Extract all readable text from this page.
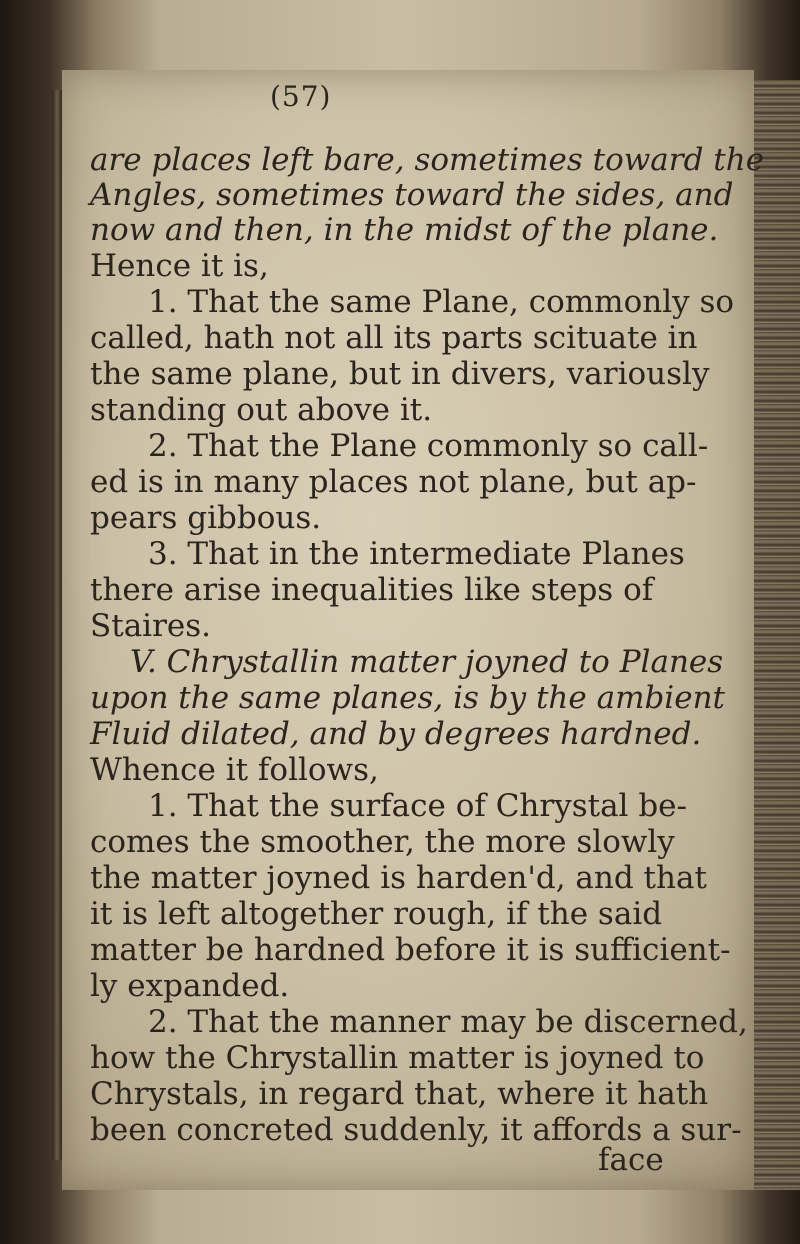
(57)
are places left bare, sometimes toward the
Angles, sometimes toward the sides, and
now and then, in the midst of the plane.
Hence it is,
1. That the same Plane, commonly so
called, hath not all its parts scituate in
the same plane, but in divers, variously
standing out above it.
2. That the Plane commonly so call-
ed is in many places not plane, but ap-
pears gibbous.
3. That in the intermediate Planes
there arise inequalities like steps of
Staires.
V. Chrystallin matter joyned to Planes
upon the same planes, is by the ambient
Fluid dilated, and by degrees hardned.
Whence it follows,
1. That the surface of Chrystal be-
comes the smoother, the more slowly
the matter joyned is harden'd, and that
it is left altogether rough, if the said
matter be hardned before it is sufficient-
ly expanded.
2. That the manner may be discerned,
how the Chrystallin matter is joyned to
Chrystals, in regard that, where it hath
been concreted suddenly, it affords a sur-
face
